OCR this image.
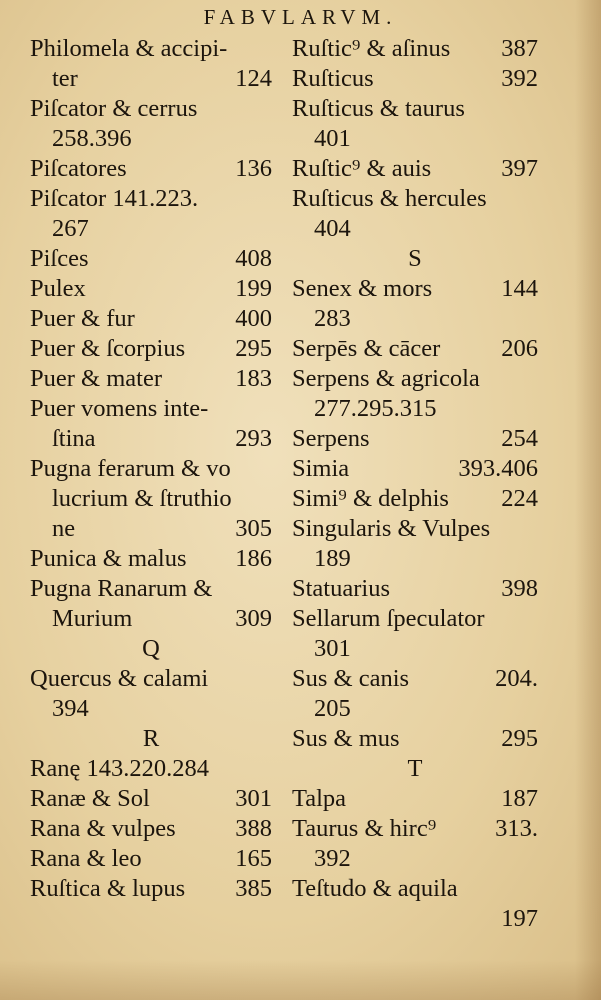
FABVLARVM.
Philomela & accipi-
ter	124
Piſcator & cerrus
258.396
Piſcatores	136
Piſcator 141.223.
267
Piſces	408
Pulex	199
Puer & fur	400
Puer & ſcorpius 295
Puer & mater	183
Puer vomens inte-
ſtina	293
Pugna ferarum & vo
lucrium & ſtruthio
ne	305
Punica & malus 186
Pugna Ranarum &
Murium	309
Q
Quercus & calami
394
R
Ranę 143.220.284
Ranæ & Sol	301
Rana & vulpes 388
Rana & leo	165
Ruſtica & lupus 385
Ruſtic⁹ & aſinus 387
Ruſticus	392
Ruſticus & taurus
401
Ruſtic⁹ & auis	397
Ruſticus & hercules
404
S
Senex & mors	144
283
Serpēs & cācer 206
Serpens & agricola
277.295.315
Serpens	254
Simia	393.406
Simi⁹ & delphis 224
Singularis & Vulpes
189
Statuarius	398
Sellarum ſpeculator
301
Sus & canis	204.
205
Sus & mus	295
T
Talpa	187
Taurus & hirc⁹ 313.
392
Teſtudo & aquila
197
